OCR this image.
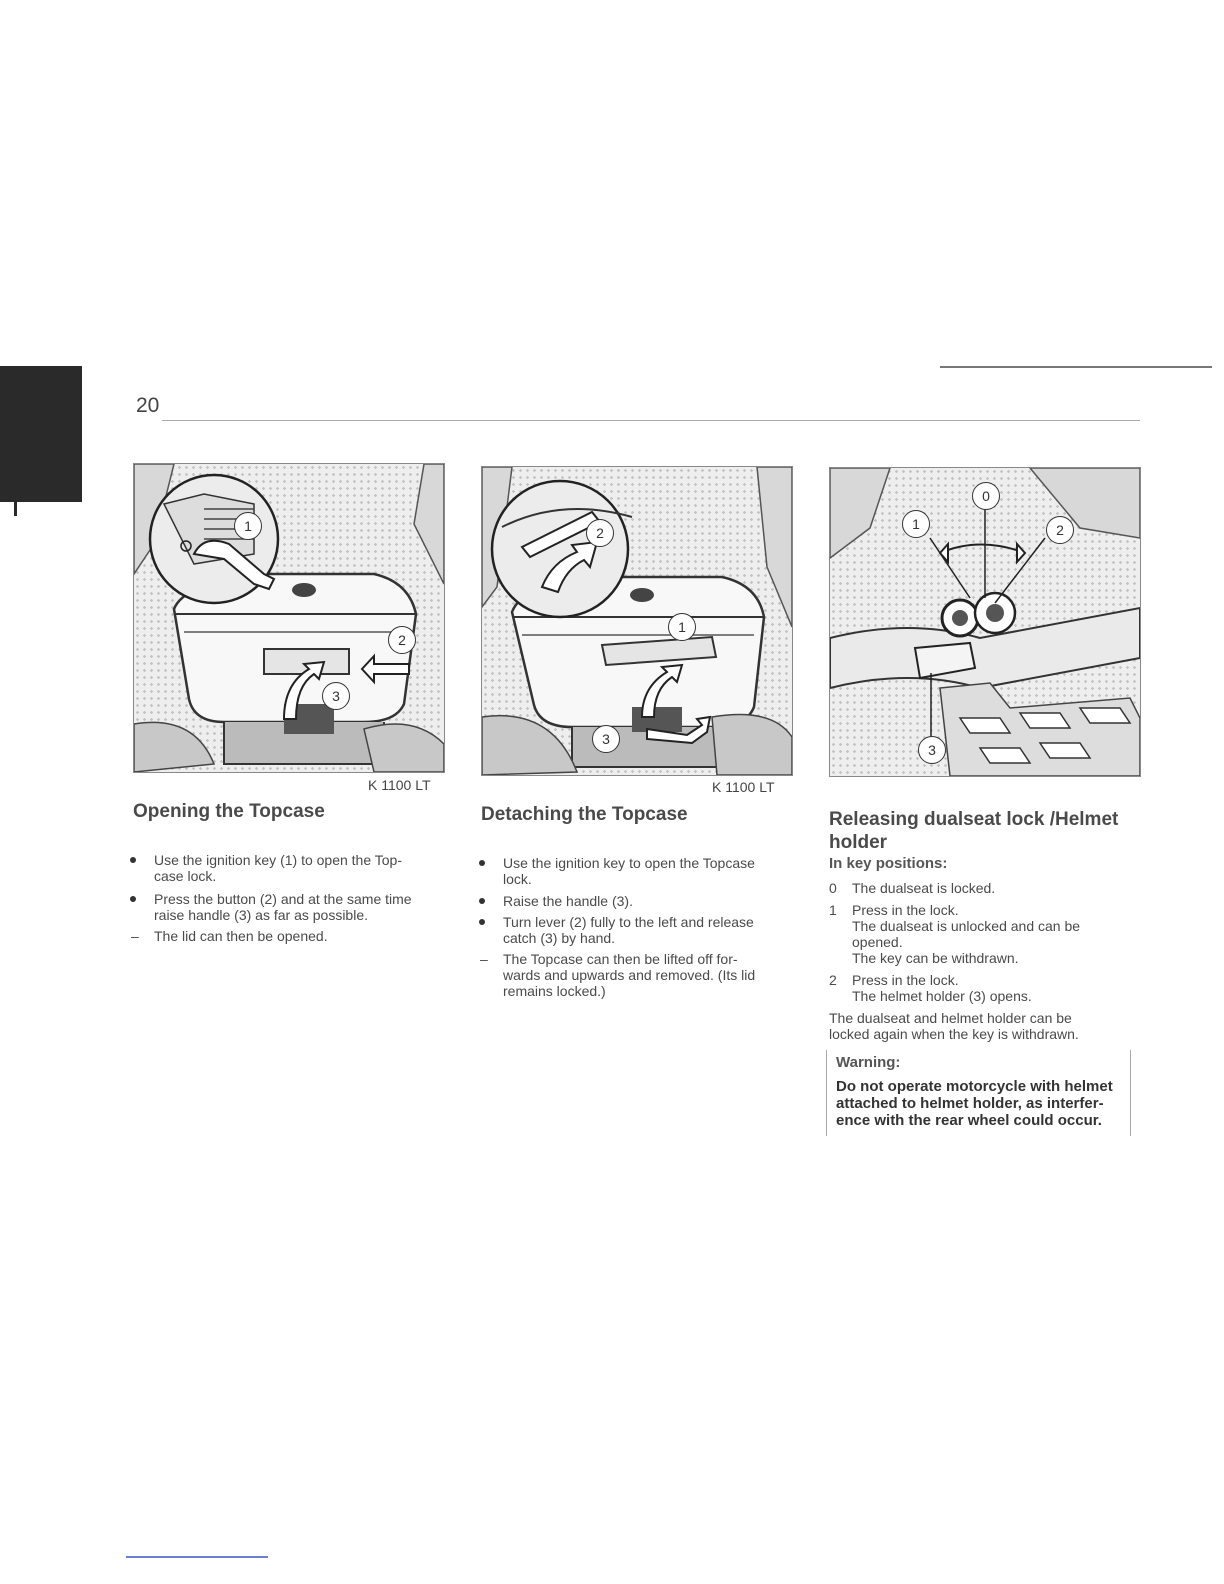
20
1
2
3
K 1100 LT
2
1
3
K 1100 LT
0
1	2
3
Opening the Topcase
Use the ignition key (1) to open the Top-
case lock.
Press the button (2) and at the same time
raise handle (3) as far as possible.
– The lid can then be opened.
Detaching the Topcase
Use the ignition key to open the Topcase
lock.
Raise the handle (3).
Turn lever (2) fully to the left and release
catch (3) by hand.
– The Topcase can then be lifted off for-
wards and upwards and removed. (Its lid
remains locked.)
Releasing dualseat lock /Helmet
holder
In key positions:
0 The dualseat is locked.
1 Press in the lock.
The dualseat is unlocked and can be
opened.
The key can be withdrawn.
2 Press in the lock.
The helmet holder (3) opens.
The dualseat and helmet holder can be
locked again when the key is withdrawn.
Warning:
Do not operate motorcycle with helmet
attached to helmet holder, as interfer-
ence with the rear wheel could occur.
